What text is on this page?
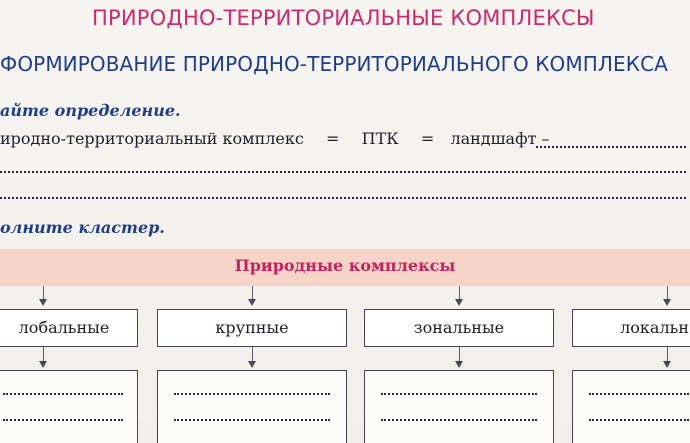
ПРИРОДНО-ТЕРРИТОРИАЛЬНЫЕ КОМПЛЕКСЫ
ФОРМИРОВАНИЕ ПРИРОДНО-ТЕРРИТОРИАЛЬНОГО КОМПЛЕКСА
айте определение.
иродно-территориальный комплекс = ПТК = ландшафт –
олните кластер.
Природные комплексы
лобальные	крупные	зональные	локальн
